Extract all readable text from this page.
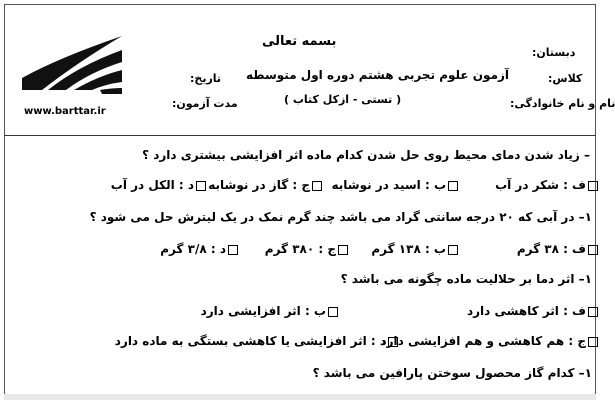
بسمه تعالی
دبستان:
کلاس:
نام و نام خانوادگی:
آزمون علوم تجربی هشتم دوره اول متوسطه
( تستی - ازکل کتاب )
تاریخ:
مدت آزمون:
www.barttar.ir
– زیاد شدن دمای محیط روی حل شدن کدام ماده اثر افزایشی بیشتری دارد ؟
ف : شکر در آب
ب : اسید در نوشابه
ج : گاز در نوشابه
د : الکل در آب
۱– در آبی که ۲۰ درجه سانتی گراد می باشد چند گرم نمک در یک لیترش حل می شود ؟
ف : ۳۸ گرم
ب : ۱۳۸ گرم
ج : ۳۸۰ گرم
د : ۳/۸ گرم
۱– اثر دما بر حلالیت ماده چگونه می باشد ؟
ف : اثر کاهشی دارد
ب : اثر افزایشی دارد
ج : هم کاهشی و هم افزایشی دارد
د : اثر افزایشی یا کاهشی بستگی به ماده دارد
۱– کدام گاز محصول سوختن پارافین می باشد ؟
